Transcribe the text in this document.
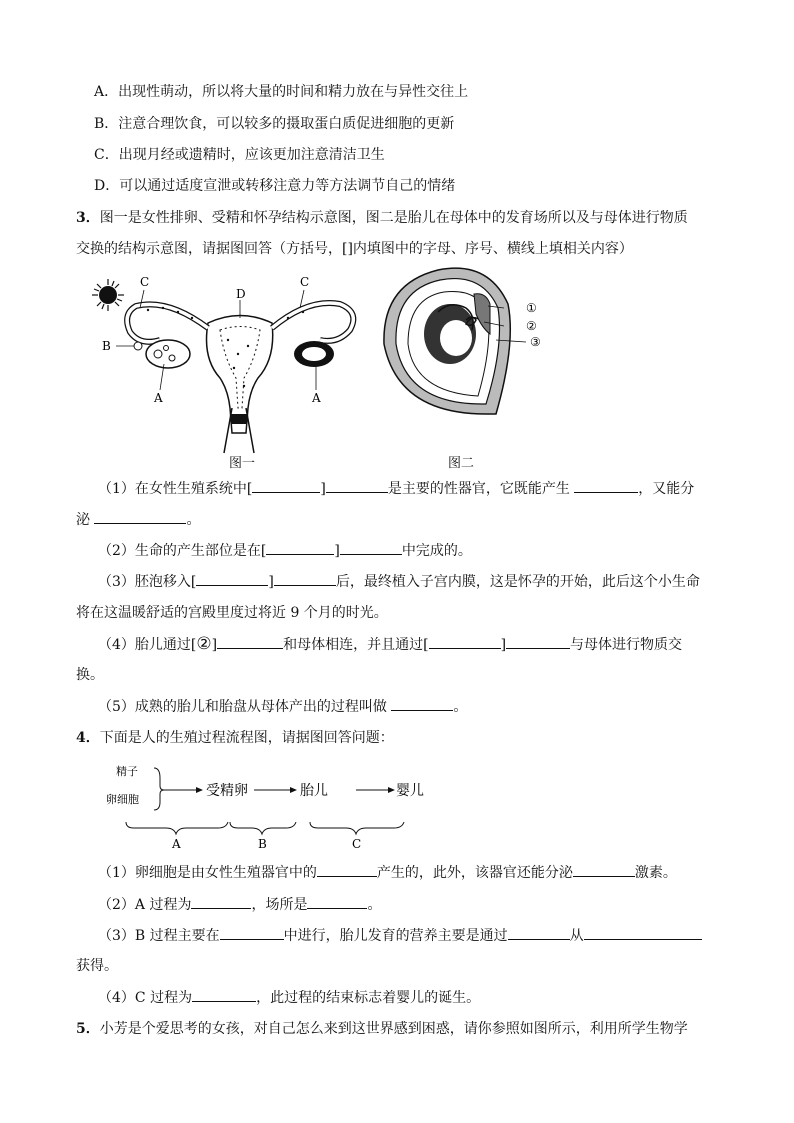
A．出现性萌动，所以将大量的时间和精力放在与异性交往上
B．注意合理饮食，可以较多的摄取蛋白质促进细胞的更新
C．出现月经或遗精时，应该更加注意清洁卫生
D．可以通过适度宣泄或转移注意力等方法调节自己的情绪
3．图一是女性排卵、受精和怀孕结构示意图，图二是胎儿在母体中的发育场所以及与母体进行物质
交换的结构示意图，请据图回答（方括号，[]内填图中的字母、序号、横线上填相关内容）
C
D
C
B
A	A
图一
①
②
③
图二
（1）在女性生殖系统中[	]	是主要的性器官，它既能产生	，又能分
泌	。
（2）生命的产生部位是在[	]	中完成的。
（3）胚泡移入[	]	后，最终植入子宫内膜，这是怀孕的开始，此后这个小生命
将在这温暖舒适的宫殿里度过将近 9 个月的时光。
（4）胎儿通过[②]	和母体相连，并且通过[	]	与母体进行物质交
换。
（5）成熟的胎儿和胎盘从母体产出的过程叫做	。
4．下面是人的生殖过程流程图，请据图回答问题：
精子
卵细胞
受精卵	胎儿	婴儿
A	B	C
（1）卵细胞是由女性生殖器官中的	产生的，此外，该器官还能分泌	激素。
（2）A 过程为	，场所是	。
（3）B 过程主要在	中进行，胎儿发育的营养主要是通过	从
获得。
（4）C 过程为	，此过程的结束标志着婴儿的诞生。
5．小芳是个爱思考的女孩，对自己怎么来到这世界感到困惑，请你参照如图所示，利用所学生物学
